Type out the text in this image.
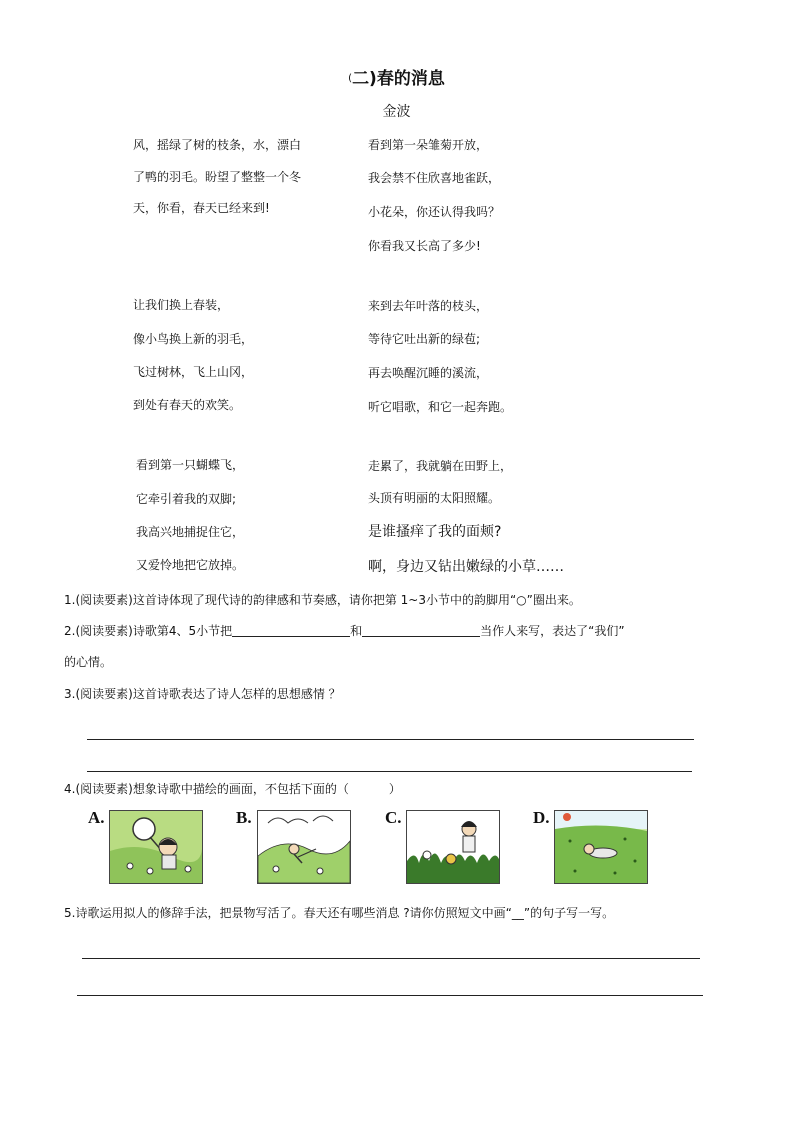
(二)春的消息
金波
风，摇绿了树的枝条，水，漂白
了鸭的羽毛。盼望了整整一个冬
天，你看，春天已经来到!
看到第一朵雏菊开放，
我会禁不住欣喜地雀跃，
小花朵，你还认得我吗？
你看我又长高了多少!
让我们换上春装，
像小鸟换上新的羽毛，
飞过树林，飞上山冈，
到处有春天的欢笑。
来到去年叶落的枝头，
等待它吐出新的绿苞;
再去唤醒沉睡的溪流，
听它唱歌，和它一起奔跑。
看到第一只蝴蝶飞，
它牵引着我的双脚;
我高兴地捕捉住它，
又爱怜地把它放掉。
走累了，我就躺在田野上，
头顶有明丽的太阳照耀。
是谁搔痒了我的面颊?
啊，身边又钻出嫩绿的小草……
1.(阅读要素)这首诗体现了现代诗的韵律感和节奏感，请你把第 1~3小节中的韵脚用“○”圈出来。
2.(阅读要素)诗歌第4、5小节把	和	当作人来写，表达了“我们”
的心情。
3.(阅读要素)这首诗歌表达了诗人怎样的思想感情 ？
4.(阅读要素)想象诗歌中描绘的画面，不包括下面的（	）
A.	B.	C.	D.
5.诗歌运用拟人的修辞手法，把景物写活了。春天还有哪些消息 ?请你仿照短文中画“__”的句子写一写。
